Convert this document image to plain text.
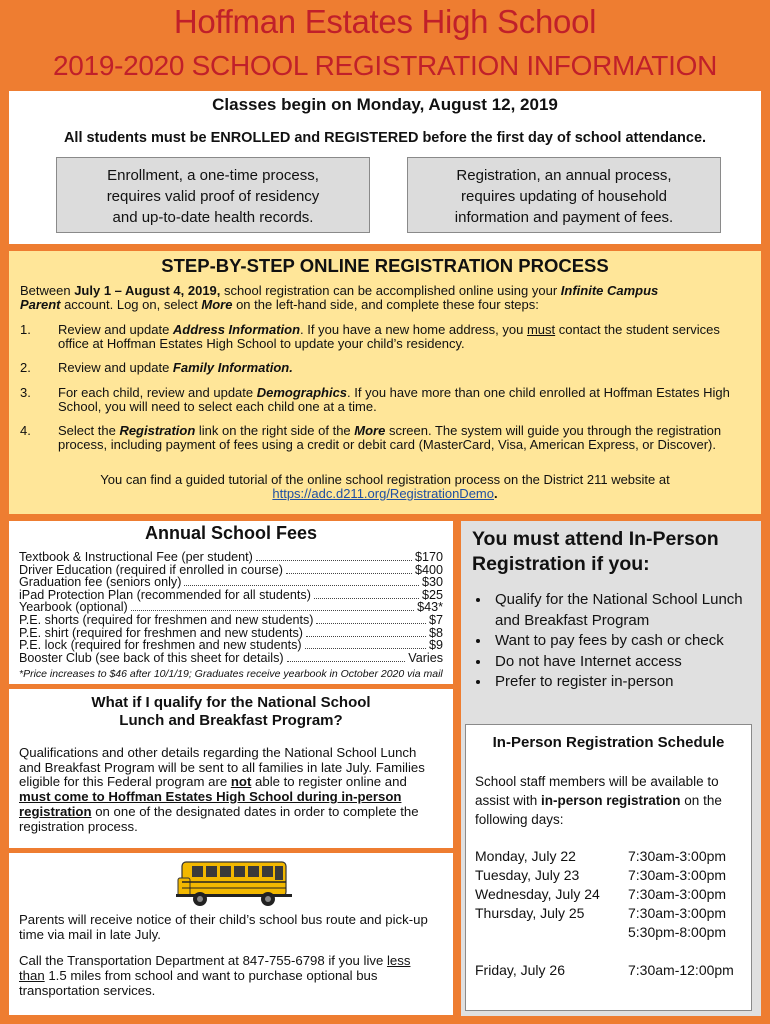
Hoffman Estates High School
2019-2020 SCHOOL REGISTRATION INFORMATION
Classes begin on Monday, August 12, 2019
All students must be ENROLLED and REGISTERED before the first day of school attendance.
Enrollment, a one-time process,
requires valid proof of residency
and up-to-date health records.
Registration, an annual process,
requires updating of household
information and payment of fees.
STEP-BY-STEP ONLINE REGISTRATION PROCESS
Between July 1 – August 4, 2019, school registration can be accomplished online using your Infinite Campus
Parent account. Log on, select More on the left-hand side, and complete these four steps:
1. Review and update Address Information. If you have a new home address, you must contact the student services office at Hoffman Estates High School to update your child’s residency.
2. Review and update Family Information.
3. For each child, review and update Demographics. If you have more than one child enrolled at Hoffman Estates High School, you will need to select each child one at a time.
4. Select the Registration link on the right side of the More screen. The system will guide you through the registration process, including payment of fees using a credit or debit card (MasterCard, Visa, American Express, or Discover).
You can find a guided tutorial of the online school registration process on the District 211 website at
https://adc.d211.org/RegistrationDemo.
Annual School Fees
Textbook & Instructional Fee (per student)	$170
Driver Education (required if enrolled in course)	$400
Graduation fee (seniors only)	$30
iPad Protection Plan (recommended for all students)	$25
Yearbook (optional)	$43*
P.E. shorts (required for freshmen and new students)	$7
P.E. shirt (required for freshmen and new students)	$8
P.E. lock (required for freshmen and new students)	$9
Booster Club (see back of this sheet for details)	Varies
*Price increases to $46 after 10/1/19; Graduates receive yearbook in October 2020 via mail
What if I qualify for the National School
Lunch and Breakfast Program?
Qualifications and other details regarding the National School Lunch and Breakfast Program will be sent to all families in late July. Families eligible for this Federal program are not able to register online and must come to Hoffman Estates High School during in-person registration on one of the designated dates in order to complete the registration process.
Parents will receive notice of their child’s school bus route and pick-up time via mail in late July.
Call the Transportation Department at 847-755-6798 if you live less than 1.5 miles from school and want to purchase optional bus transportation services.
You must attend In-Person
Registration if you:
• Qualify for the National School Lunch and Breakfast Program
• Want to pay fees by cash or check
• Do not have Internet access
• Prefer to register in-person
In-Person Registration Schedule
School staff members will be available to assist with in-person registration on the following days:
Monday, July 22	7:30am-3:00pm
Tuesday, July 23	7:30am-3:00pm
Wednesday, July 24	7:30am-3:00pm
Thursday, July 25	7:30am-3:00pm
	5:30pm-8:00pm

Friday, July 26	7:30am-12:00pm
